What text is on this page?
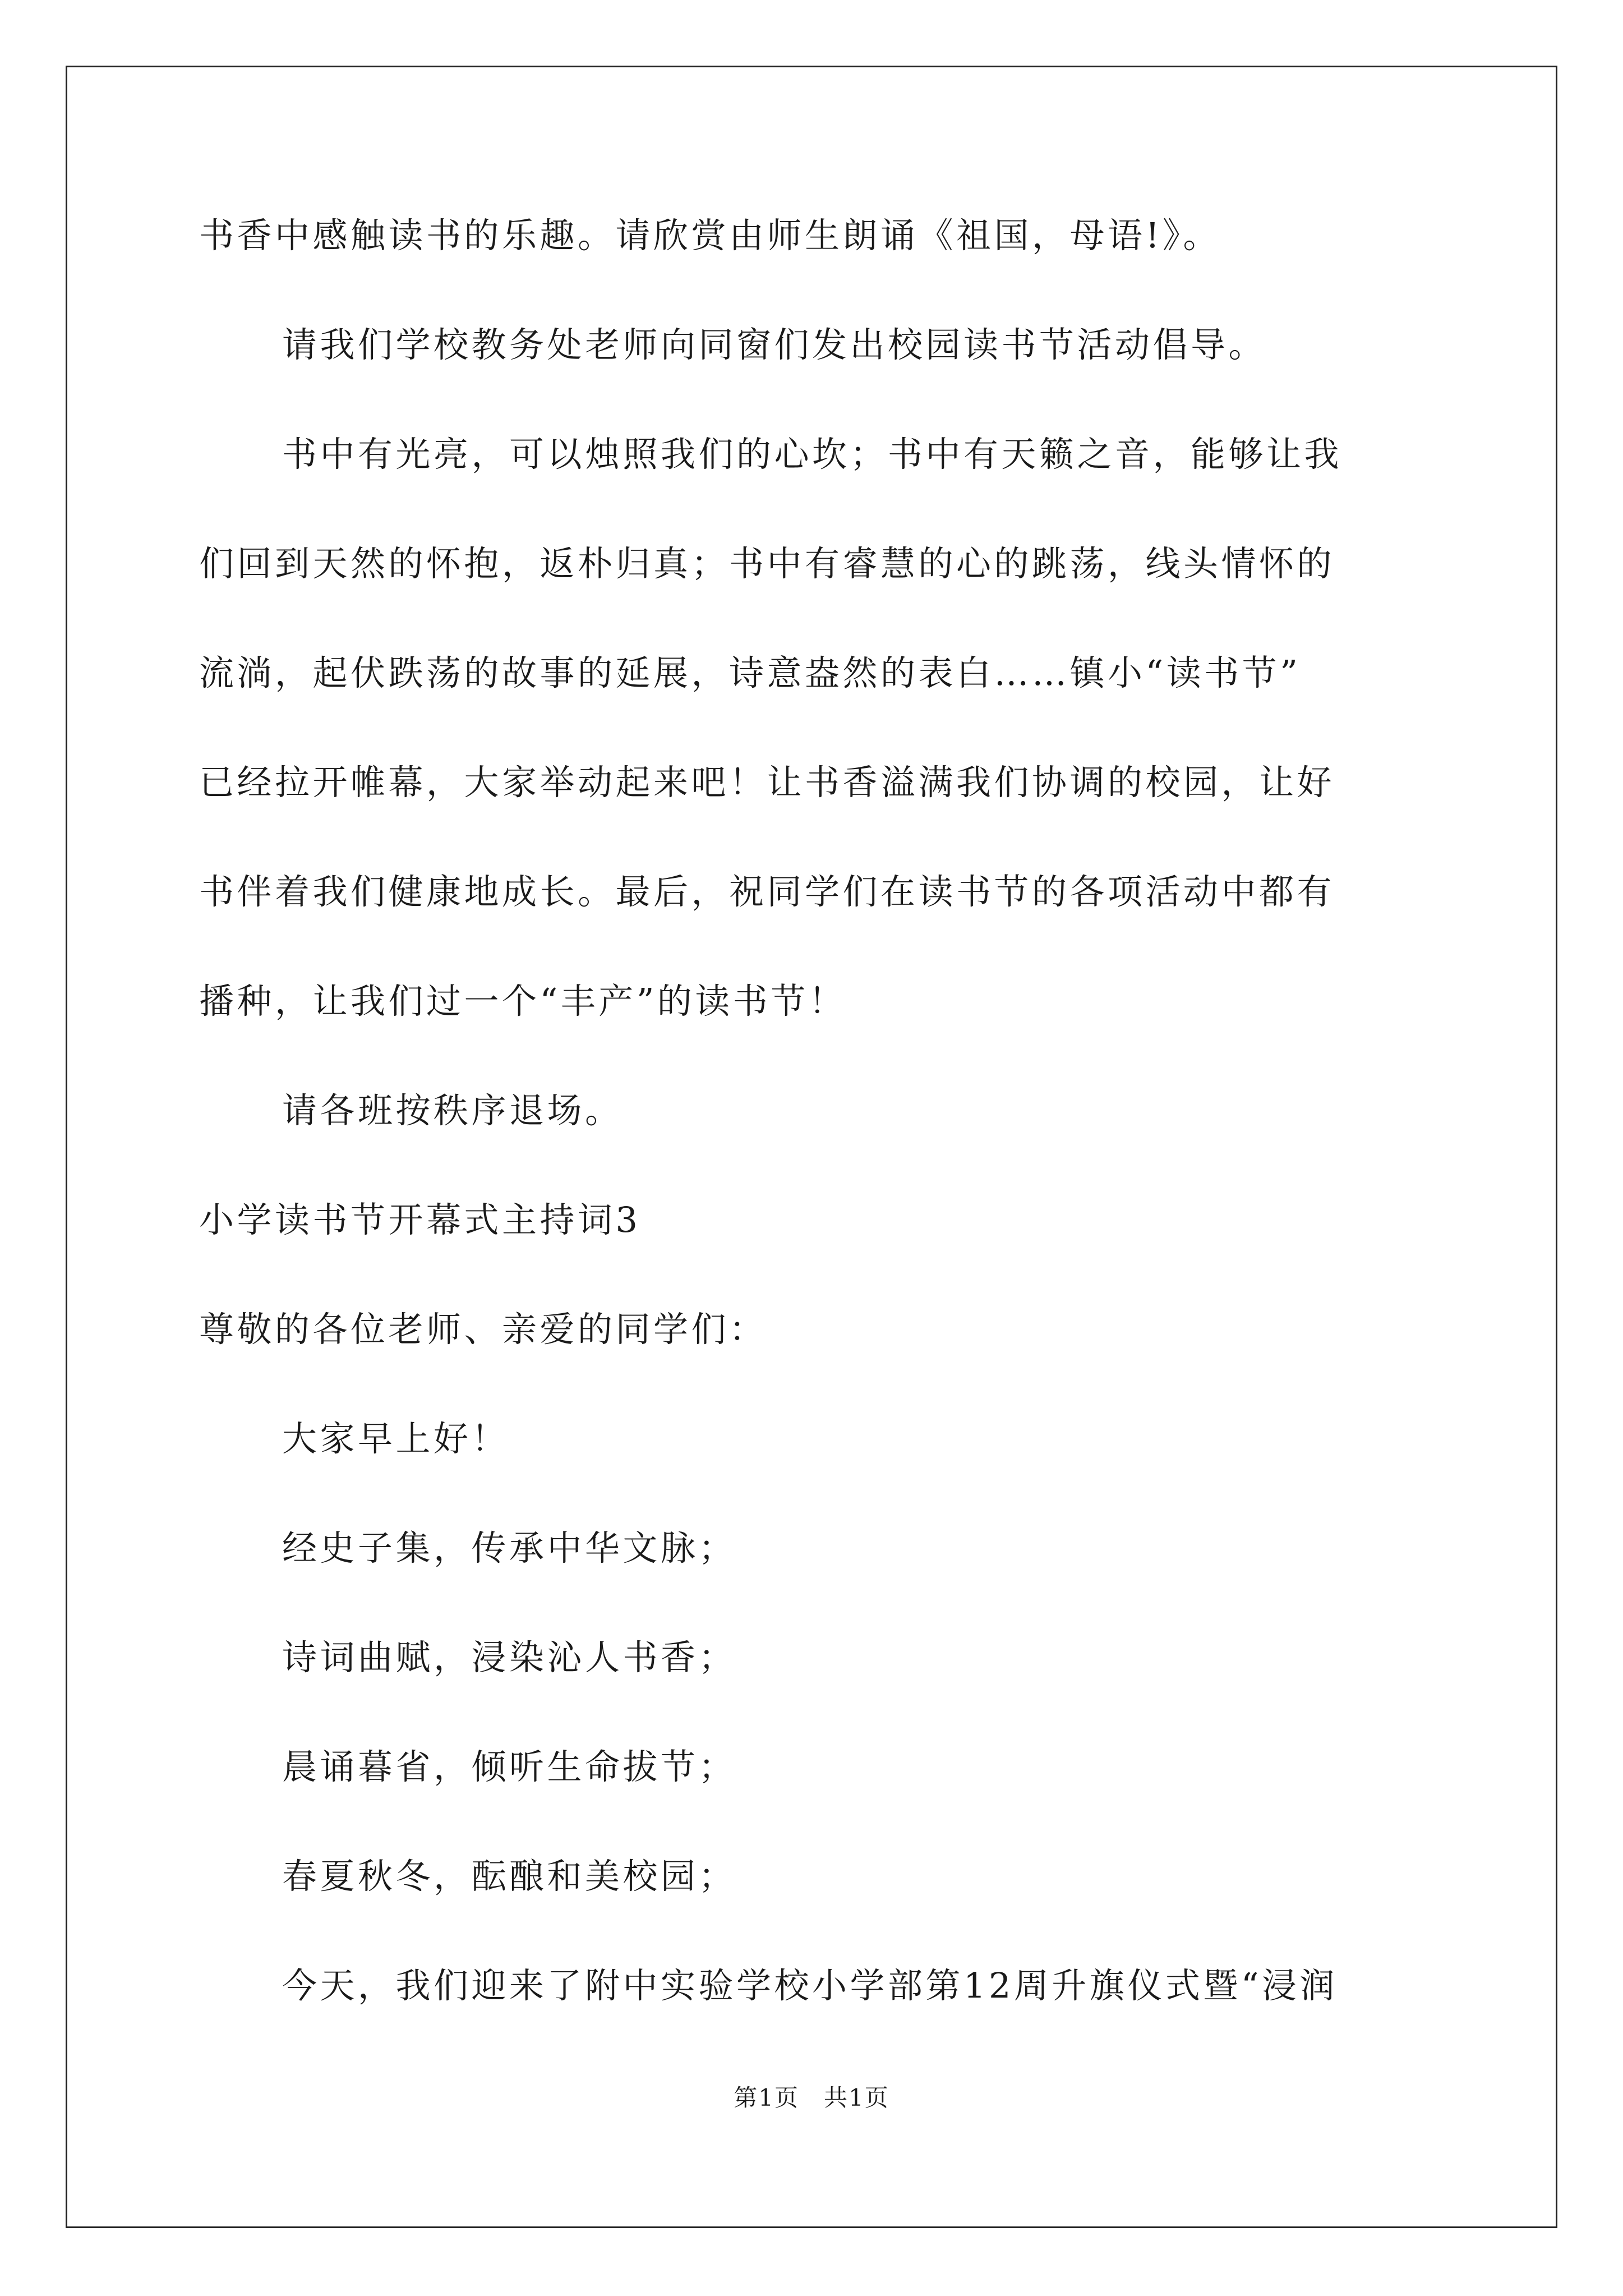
书香中感触读书的乐趣。请欣赏由师生朗诵《祖国，母语!》。
请我们学校教务处老师向同窗们发出校园读书节活动倡导。
书中有光亮，可以烛照我们的心坎；书中有天籁之音，能够让我
们回到天然的怀抱，返朴归真；书中有睿慧的心的跳荡，线头情怀的
流淌，起伏跌荡的故事的延展，诗意盎然的表白……镇小“读书节”
已经拉开帷幕，大家举动起来吧！让书香溢满我们协调的校园，让好
书伴着我们健康地成长。最后，祝同学们在读书节的各项活动中都有
播种，让我们过一个“丰产”的读书节！
请各班按秩序退场。
小学读书节开幕式主持词3
尊敬的各位老师、亲爱的同学们：
大家早上好！
经史子集，传承中华文脉；
诗词曲赋，浸染沁人书香；
晨诵暮省，倾听生命拔节；
春夏秋冬，酝酿和美校园；
今天，我们迎来了附中实验学校小学部第12周升旗仪式暨“浸润
第1页　共1页
